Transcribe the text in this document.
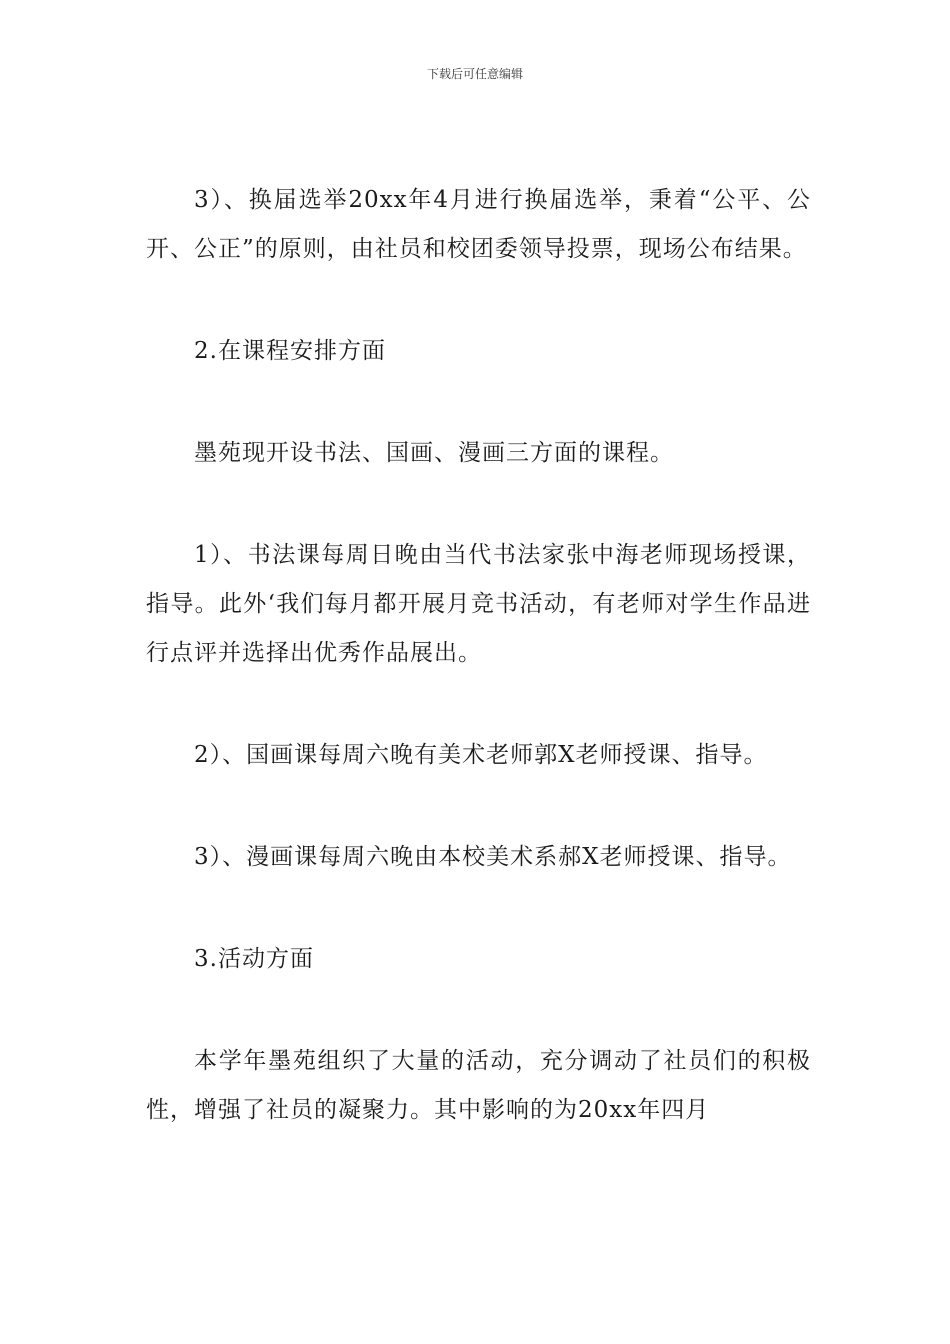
下载后可任意编辑

3）、换届选举20xx年4月进行换届选举，秉着“公平、公开、公正”的原则，由社员和校团委领导投票，现场公布结果。

2.在课程安排方面

墨苑现开设书法、国画、漫画三方面的课程。

1）、书法课每周日晚由当代书法家张中海老师现场授课，指导。此外‘我们每月都开展月竞书活动，有老师对学生作品进行点评并选择出优秀作品展出。

2）、国画课每周六晚有美术老师郭X老师授课、指导。

3）、漫画课每周六晚由本校美术系郝X老师授课、指导。

3.活动方面

本学年墨苑组织了大量的活动，充分调动了社员们的积极性，增强了社员的凝聚力。其中影响的为20xx年四月
